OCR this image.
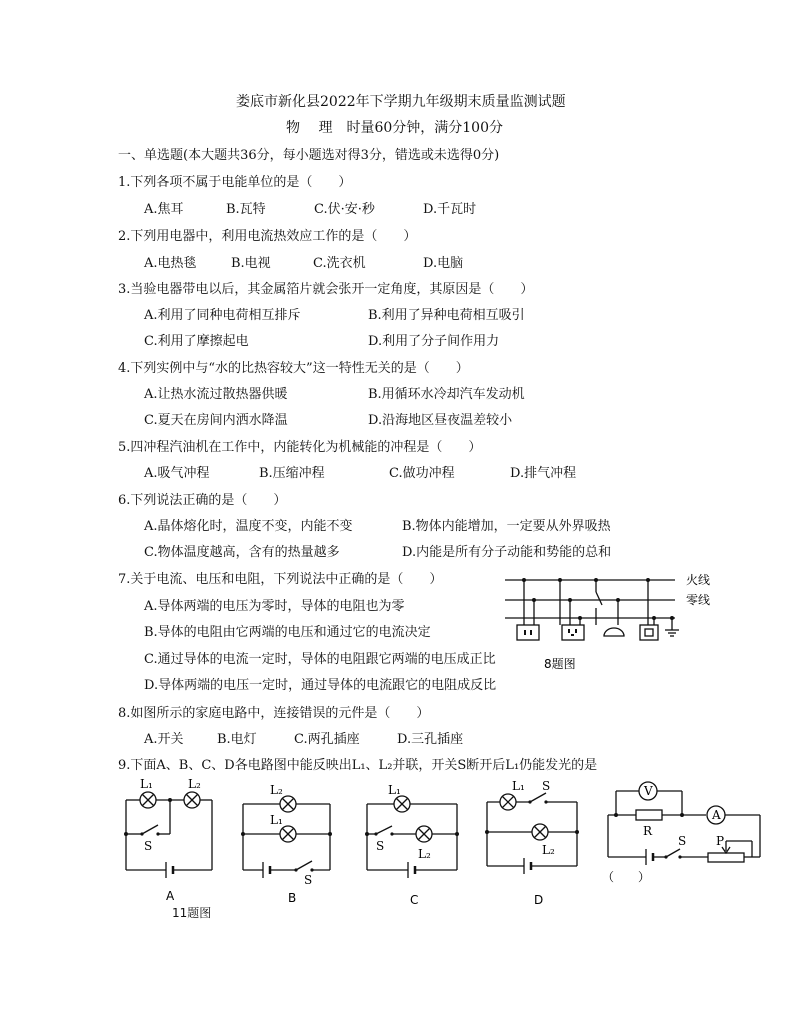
娄底市新化县2022年下学期九年级期末质量监测试题
物　 理　时量60分钟，满分100分
一、单选题(本大题共36分，每小题选对得3分，错选或未选得0分)
1.下列各项不属于电能单位的是（　　）
A.焦耳	B.瓦特	C.伏·安·秒	D.千瓦时
2.下列用电器中，利用电流热效应工作的是（　　）
A.电热毯	B.电视	C.洗衣机	D.电脑
3.当验电器带电以后，其金属箔片就会张开一定角度，其原因是（　　）
A.利用了同种电荷相互排斥	B.利用了异种电荷相互吸引
C.利用了摩擦起电	D.利用了分子间作用力
4.下列实例中与“水的比热容较大”这一特性无关的是（　　）
A.让热水流过散热器供暖	B.用循环水冷却汽车发动机
C.夏天在房间内洒水降温	D.沿海地区昼夜温差较小
5.四冲程汽油机在工作中，内能转化为机械能的冲程是（　　）
A.吸气冲程	B.压缩冲程	C.做功冲程	D.排气冲程
6.下列说法正确的是（　　）
A.晶体熔化时，温度不变，内能不变	B.物体内能增加，一定要从外界吸热
C.物体温度越高，含有的热量越多	D.内能是所有分子动能和势能的总和
7.关于电流、电压和电阻，下列说法中正确的是（　　）
A.导体两端的电压为零时，导体的电阻也为零
B.导体的电阻由它两端的电压和通过它的电流决定
C.通过导体的电流一定时，导体的电阻跟它两端的电压成正比
D.导体两端的电压一定时，通过导体的电流跟它的电阻成反比
火线
零线
8题图
8.如图所示的家庭电路中，连接错误的元件是（　　）
A.开关	B.电灯	C.两孔插座	D.三孔插座
9.下面A、B、C、D各电路图中能反映出L₁、L₂并联，开关S断开后L₁仍能发光的是
L₁	L₂
S
A
L₂
L₁
S
B
L₁
S
L₂
C
L₁ S
L₂
D
V
A
R
S P
（　　）
11题图
